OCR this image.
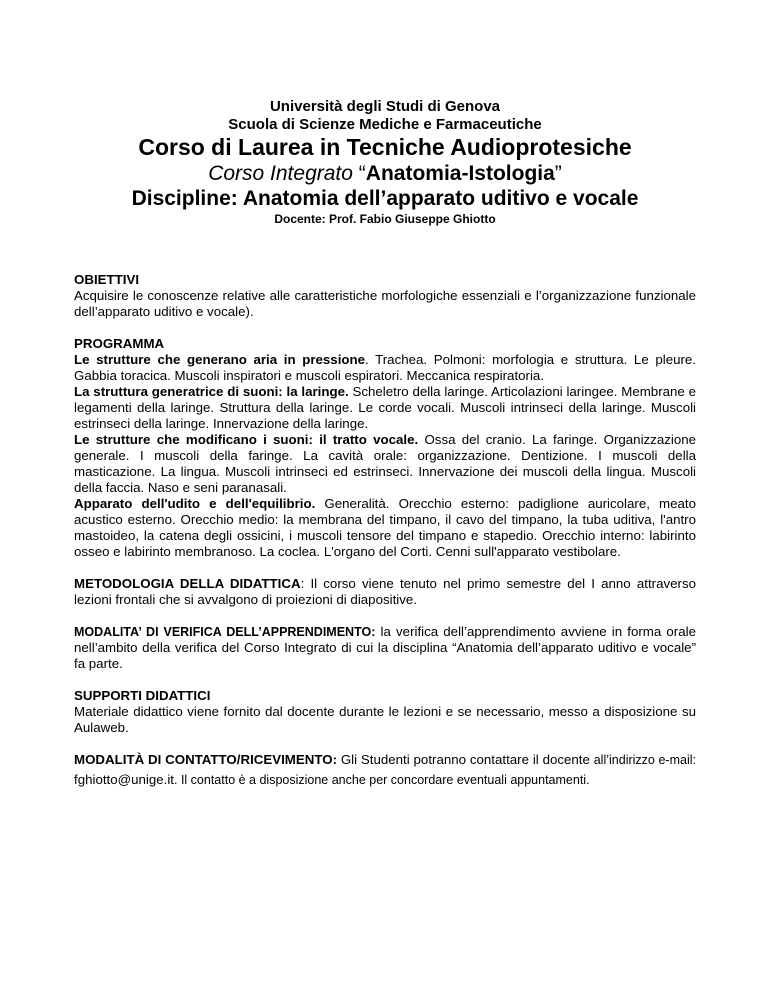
Università degli Studi di Genova
Scuola di Scienze Mediche e Farmaceutiche
Corso di Laurea in Tecniche Audioprotesiche
Corso Integrato “Anatomia-Istologia”
Discipline: Anatomia dell’apparato uditivo e vocale
Docente: Prof. Fabio Giuseppe Ghiotto
OBIETTIVI

Acquisire le conoscenze relative alle caratteristiche morfologiche essenziali e l’organizzazione funzionale dell’apparato uditivo e vocale).

PROGRAMMA

Le strutture che generano aria in pressione. Trachea. Polmoni: morfologia e struttura. Le pleure. Gabbia toracica. Muscoli inspiratori e muscoli espiratori. Meccanica respiratoria.

La struttura generatrice di suoni: la laringe. Scheletro della laringe. Articolazioni laringee. Membrane e legamenti della laringe. Struttura della laringe. Le corde vocali. Muscoli intrinseci della laringe. Muscoli estrinseci della laringe. Innervazione della laringe.

Le strutture che modificano i suoni: il tratto vocale. Ossa del cranio. La faringe. Organizzazione generale. I muscoli della faringe. La cavità orale: organizzazione. Dentizione. I muscoli della masticazione. La lingua. Muscoli intrinseci ed estrinseci. Innervazione dei muscoli della lingua. Muscoli della faccia. Naso e seni paranasali.

Apparato dell'udito e dell'equilibrio. Generalità. Orecchio esterno: padiglione auricolare, meato acustico esterno. Orecchio medio: la membrana del timpano, il cavo del timpano, la tuba uditiva, l'antro mastoideo, la catena degli ossicini, i muscoli tensore del timpano e stapedio. Orecchio interno: labirinto osseo e labirinto membranoso. La coclea. L'organo del Corti. Cenni sull'apparato vestibolare.

METODOLOGIA DELLA DIDATTICA: Il corso viene tenuto nel primo semestre del I anno attraverso lezioni frontali che si avvalgono di proiezioni di diapositive.

MODALITA’ DI VERIFICA DELL’APPRENDIMENTO: la verifica dell’apprendimento avviene in forma orale nell’ambito della verifica del Corso Integrato di cui la disciplina “Anatomia dell’apparato uditivo e vocale” fa parte.

SUPPORTI DIDATTICI

Materiale didattico viene fornito dal docente durante le lezioni e se necessario, messo a disposizione su Aulaweb.

MODALITÀ DI CONTATTO/RICEVIMENTO: Gli Studenti potranno contattare il docente all’indirizzo e-mail: fghiotto@unige.it. Il contatto è a disposizione anche per concordare eventuali appuntamenti.
